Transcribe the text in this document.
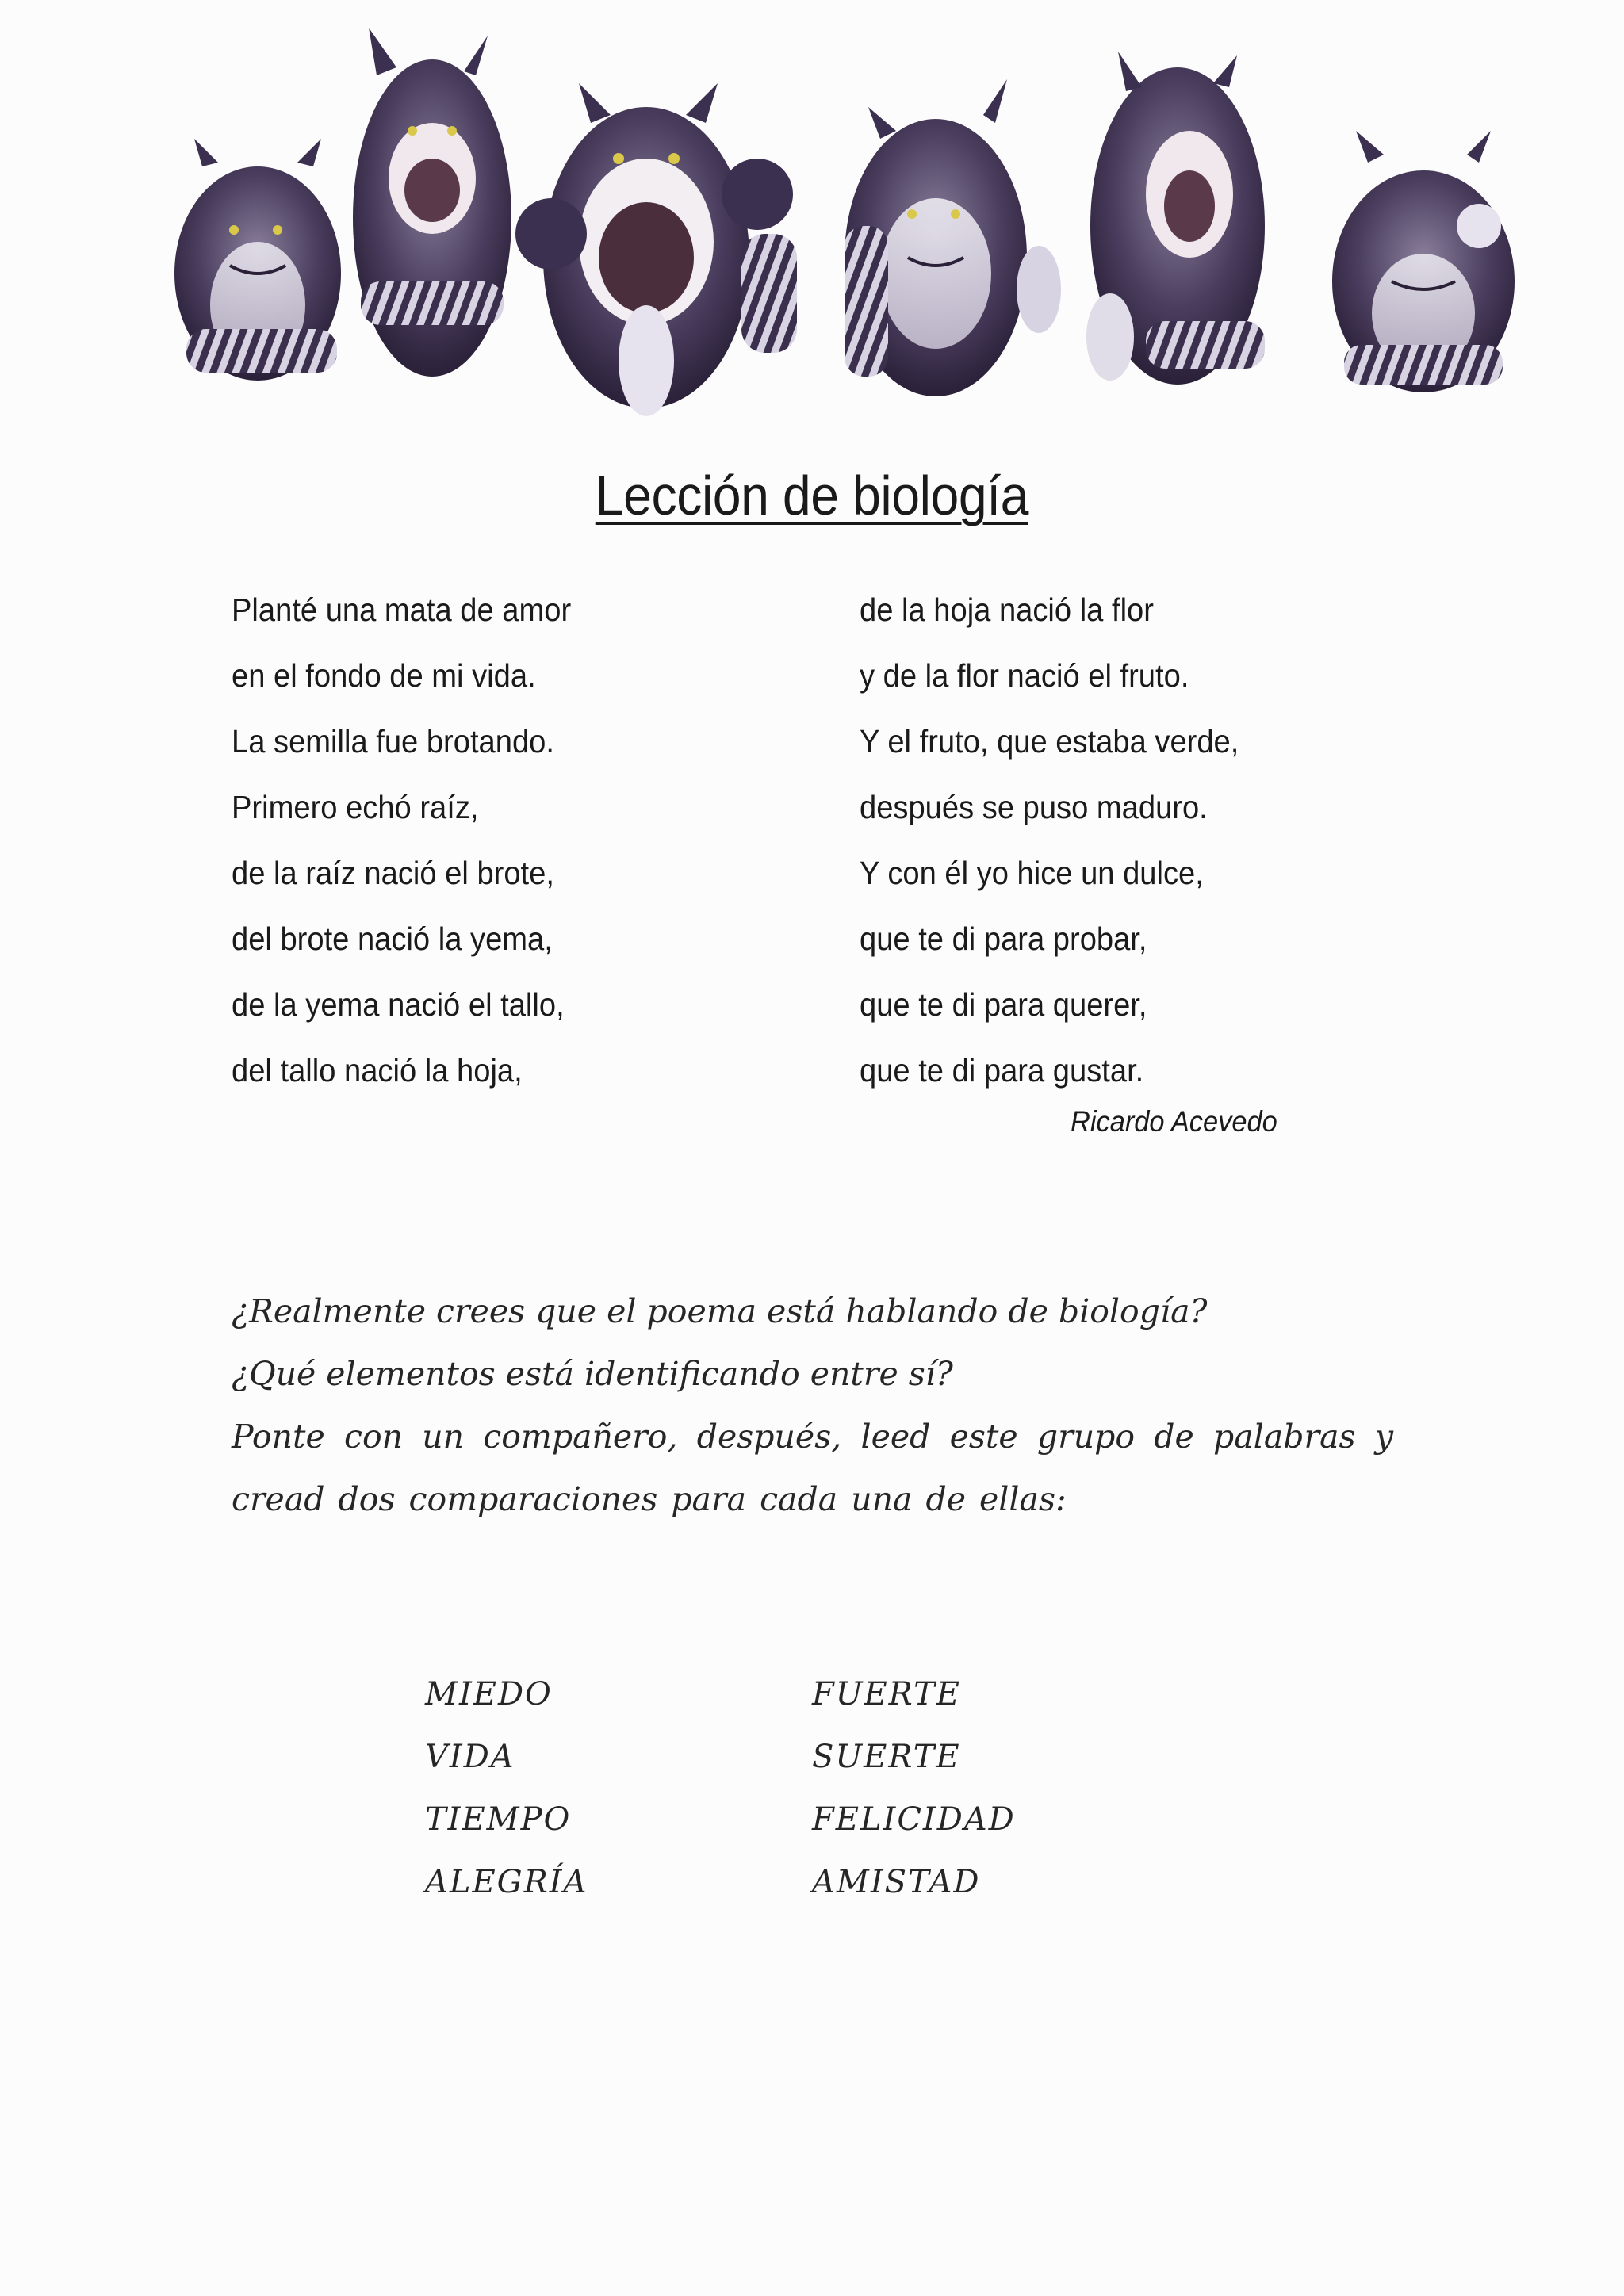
Lección de biología
Planté una mata de amor
en el fondo de mi vida.
La semilla fue brotando.
Primero echó raíz,
de la raíz nació el brote,
del brote nació la yema,
de la yema nació el tallo,
del tallo nació la hoja,
de la hoja nació la flor
y de la flor nació el fruto.
Y el fruto, que estaba verde,
después se puso maduro.
Y con él yo hice un dulce,
que te di para probar,
que te di para querer,
que te di para gustar.
Ricardo Acevedo

¿Realmente crees que el poema está hablando de biología?

¿Qué elementos está identificando entre sí?

Ponte con un compañero, después, leed este grupo de palabras y cread dos comparaciones para cada una de ellas:

MIEDO
VIDA
TIEMPO
ALEGRÍA
FUERTE
SUERTE
FELICIDAD
AMISTAD
